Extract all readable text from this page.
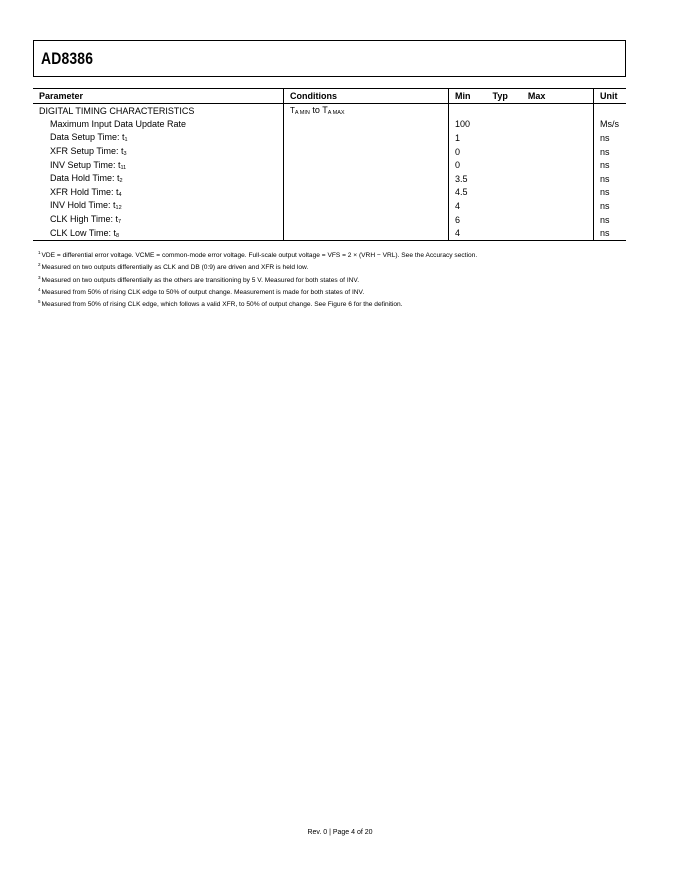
AD8386
Parameter	Conditions	Min Typ Max	Unit
DIGITAL TIMING CHARACTERISTICS	TA MIN to TA MAX		
Maximum Input Data Update Rate		100	Ms/s
Data Setup Time: t1		1	ns
XFR Setup Time: t3		0	ns
INV Setup Time: t11		0	ns
Data Hold Time: t2		3.5	ns
XFR Hold Time: t4		4.5	ns
INV Hold Time: t12		4	ns
CLK High Time: t7		6	ns
CLK Low Time: t8		4	ns
$^1$VDE = differential error voltage. VCME = common-mode error voltage. Full-scale output voltage = VFS = 2 × (VRH − VRL). See the Accuracy section.
$^2$Measured on two outputs differentially as CLK and DB (0:9) are driven and XFR is held low.
$^3$Measured on two outputs differentially as the others are transitioning by 5 V. Measured for both states of INV.
$^4$Measured from 50% of rising CLK edge to 50% of output change. Measurement is made for both states of INV.
$^5$Measured from 50% of rising CLK edge, which follows a valid XFR, to 50% of output change. See Figure 6 for the definition.
Rev. 0 | Page 4 of 20
